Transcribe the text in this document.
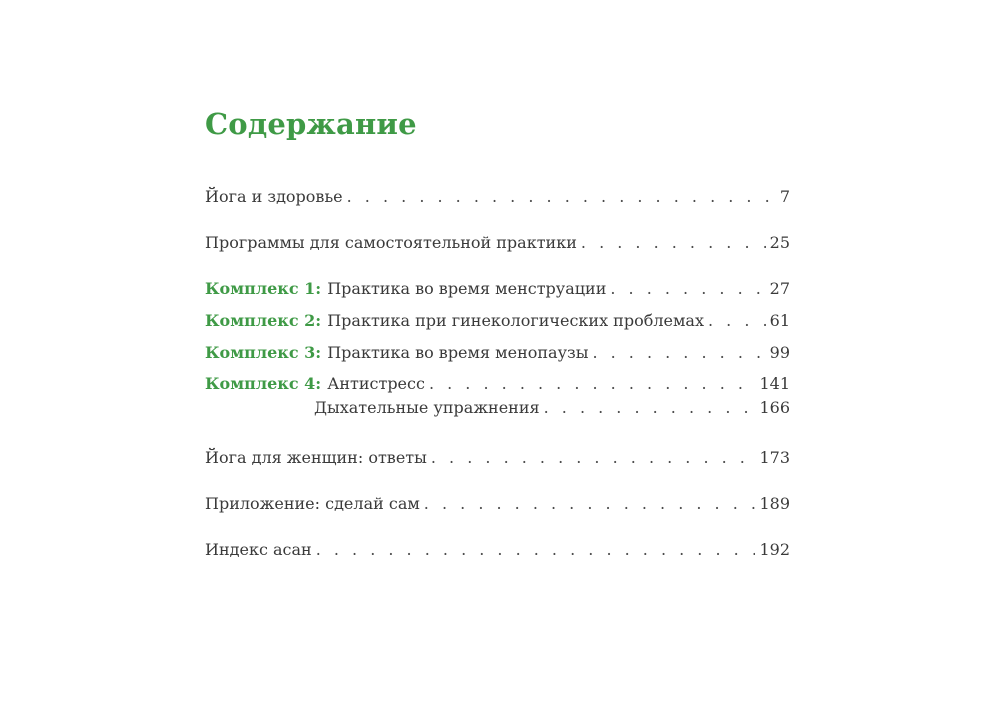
Содержание
Йога и здоровье . . .	7
Программы для самостоятельной практики . . .	25
Комплекс 1: Практика во время менструации . . .	27
Комплекс 2: Практика при гинекологических проблемах . . .	61
Комплекс 3: Практика во время менопаузы . . .	99
Комплекс 4: Антистресс . . .	141
Дыхательные упражнения . . .	166
Йога для женщин: ответы . . .	173
Приложение: сделай сам . . .	189
Индекс асан . . .	192
